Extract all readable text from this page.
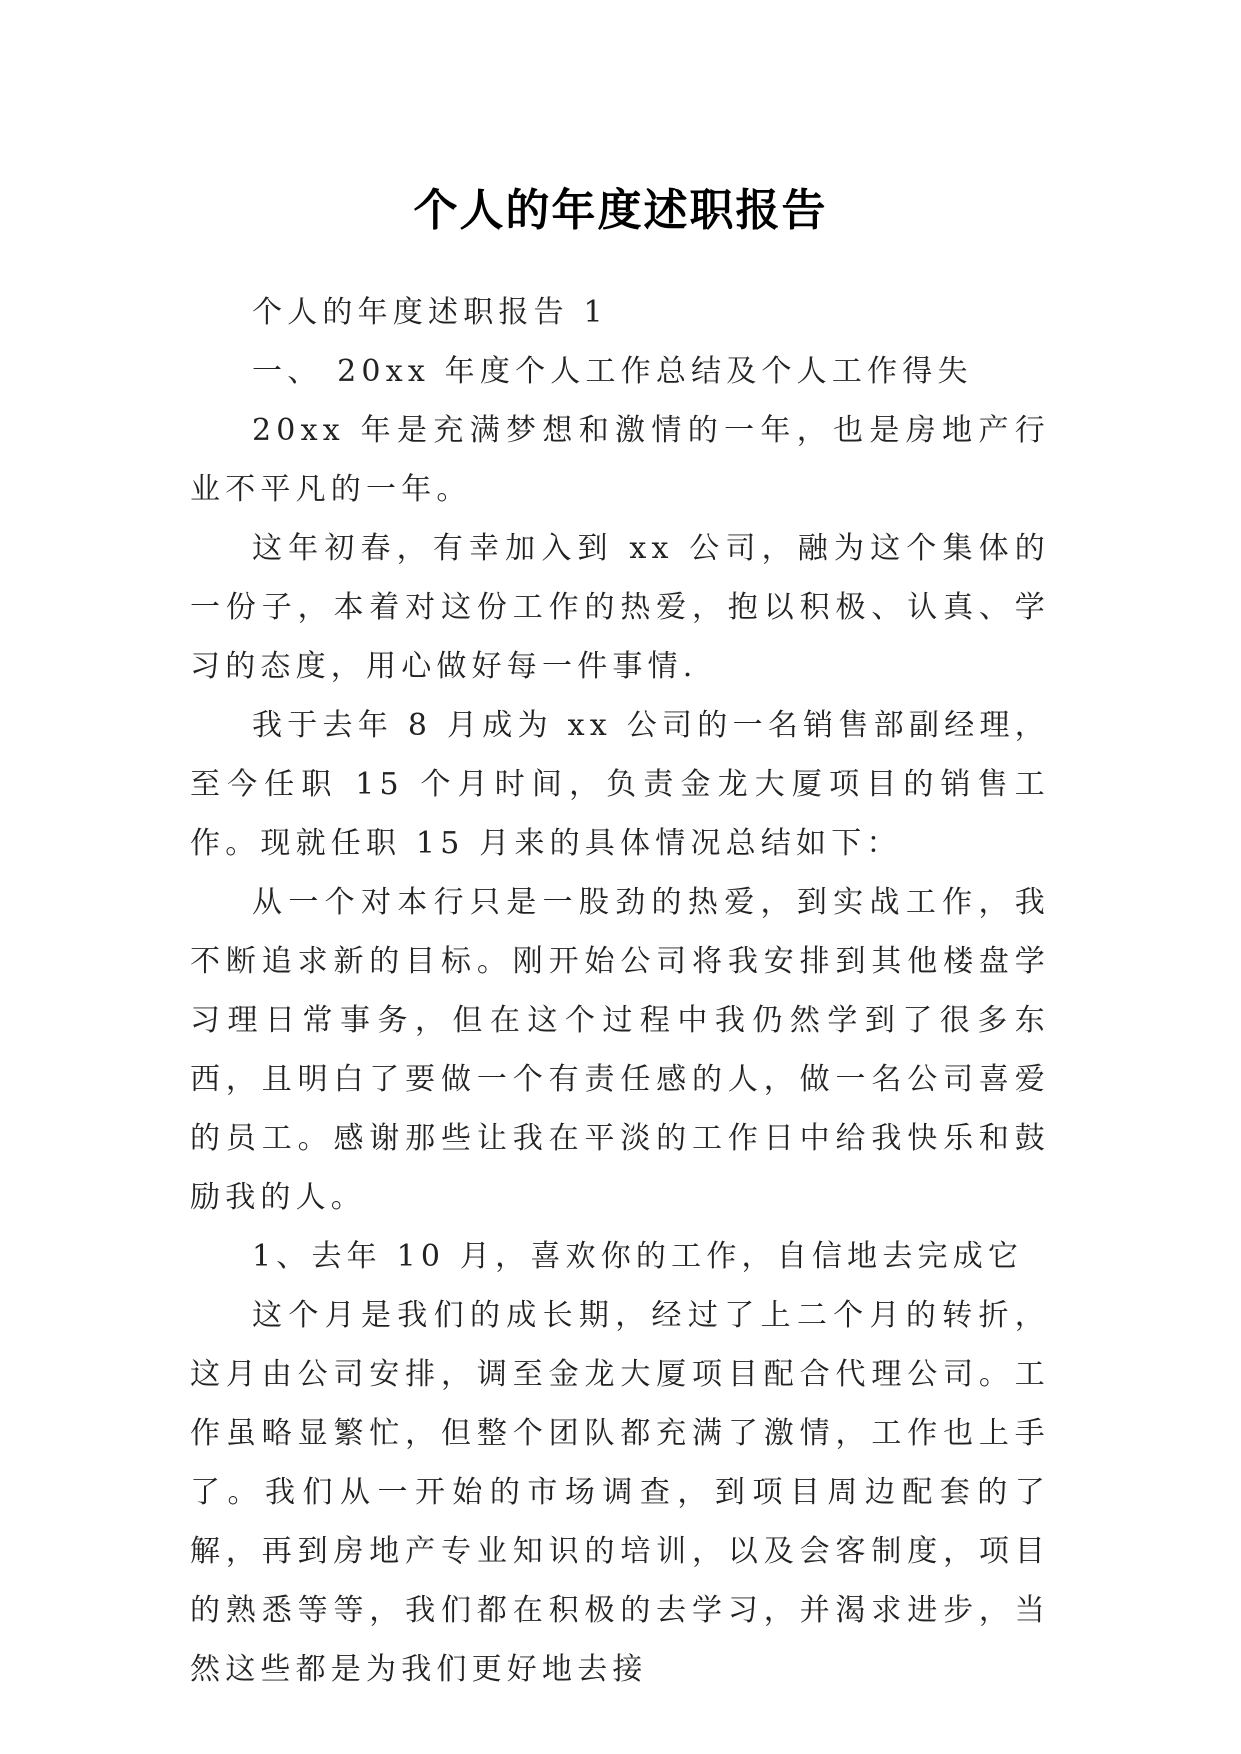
个人的年度述职报告

个人的年度述职报告 1

一、 20xx 年度个人工作总结及个人工作得失

20xx 年是充满梦想和激情的一年，也是房地产行业不平凡的一年。

这年初春，有幸加入到 xx 公司，融为这个集体的一份子，本着对这份工作的热爱，抱以积极、认真、学习的态度，用心做好每一件事情.

我于去年 8 月成为 xx 公司的一名销售部副经理，至今任职 15 个月时间，负责金龙大厦项目的销售工作。现就任职 15 月来的具体情况总结如下：

从一个对本行只是一股劲的热爱，到实战工作，我不断追求新的目标。刚开始公司将我安排到其他楼盘学习理日常事务，但在这个过程中我仍然学到了很多东西，且明白了要做一个有责任感的人，做一名公司喜爱的员工。感谢那些让我在平淡的工作日中给我快乐和鼓励我的人。

1、去年 10 月，喜欢你的工作，自信地去完成它

这个月是我们的成长期，经过了上二个月的转折，这月由公司安排，调至金龙大厦项目配合代理公司。工作虽略显繁忙，但整个团队都充满了激情，工作也上手了。我们从一开始的市场调查，到项目周边配套的了解，再到房地产专业知识的培训，以及会客制度，项目的熟悉等等，我们都在积极的去学习，并渴求进步，当然这些都是为我们更好地去接
